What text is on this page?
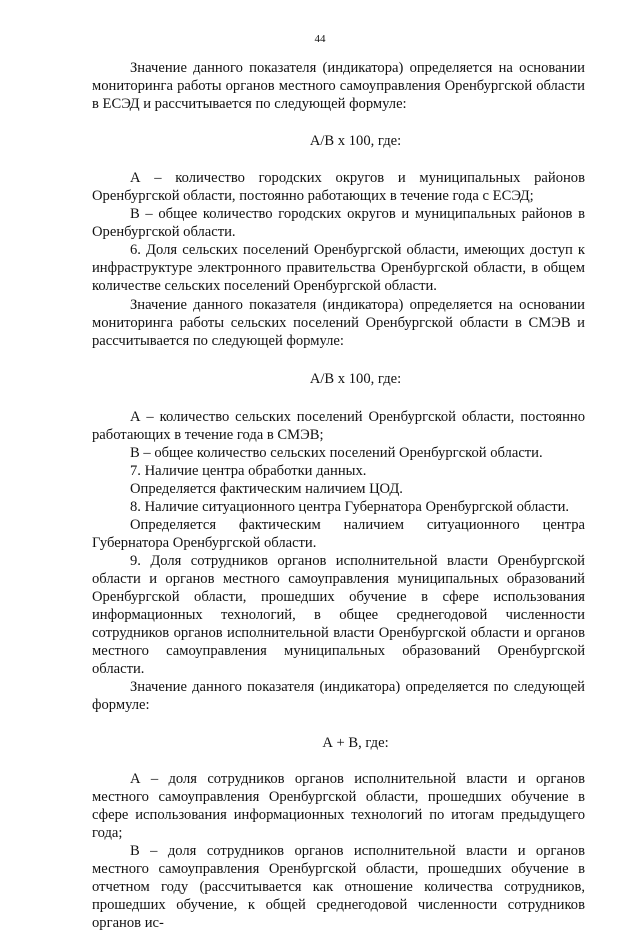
44

Значение данного показателя (индикатора) определяется на основании мониторинга работы органов местного самоуправления Оренбургской области в ЕСЭД и рассчитывается по следующей формуле:

А/В х 100, где:

А – количество городских округов и муниципальных районов Оренбургской области, постоянно работающих в течение года с ЕСЭД;

В – общее количество городских округов и муниципальных районов в Оренбургской области.

6. Доля сельских поселений Оренбургской области, имеющих доступ к инфраструктуре электронного правительства Оренбургской области, в общем количестве сельских поселений Оренбургской области.

Значение данного показателя (индикатора) определяется на основании мониторинга работы сельских поселений Оренбургской области в СМЭВ и рассчитывается по следующей формуле:

А/В х 100, где:

А – количество сельских поселений Оренбургской области, постоянно работающих в течение года в СМЭВ;

В – общее количество сельских поселений Оренбургской области.

7. Наличие центра обработки данных.

Определяется фактическим наличием ЦОД.

8. Наличие ситуационного центра Губернатора Оренбургской области.

Определяется фактическим наличием ситуационного центра Губернатора Оренбургской области.

9. Доля сотрудников органов исполнительной власти Оренбургской области и органов местного самоуправления муниципальных образований Оренбургской области, прошедших обучение в сфере использования информационных технологий, в общее среднегодовой численности сотрудников органов исполнительной власти Оренбургской области и органов местного самоуправления муниципальных образований Оренбургской области.

Значение данного показателя (индикатора) определяется по следующей формуле:

А + В, где:

А – доля сотрудников органов исполнительной власти и органов местного самоуправления Оренбургской области, прошедших обучение в сфере использования информационных технологий по итогам предыдущего года;

В – доля сотрудников органов исполнительной власти и органов местного самоуправления Оренбургской области, прошедших обучение в отчетном году (рассчитывается как отношение количества сотрудников, прошедших обучение, к общей среднегодовой численности сотрудников органов ис-
